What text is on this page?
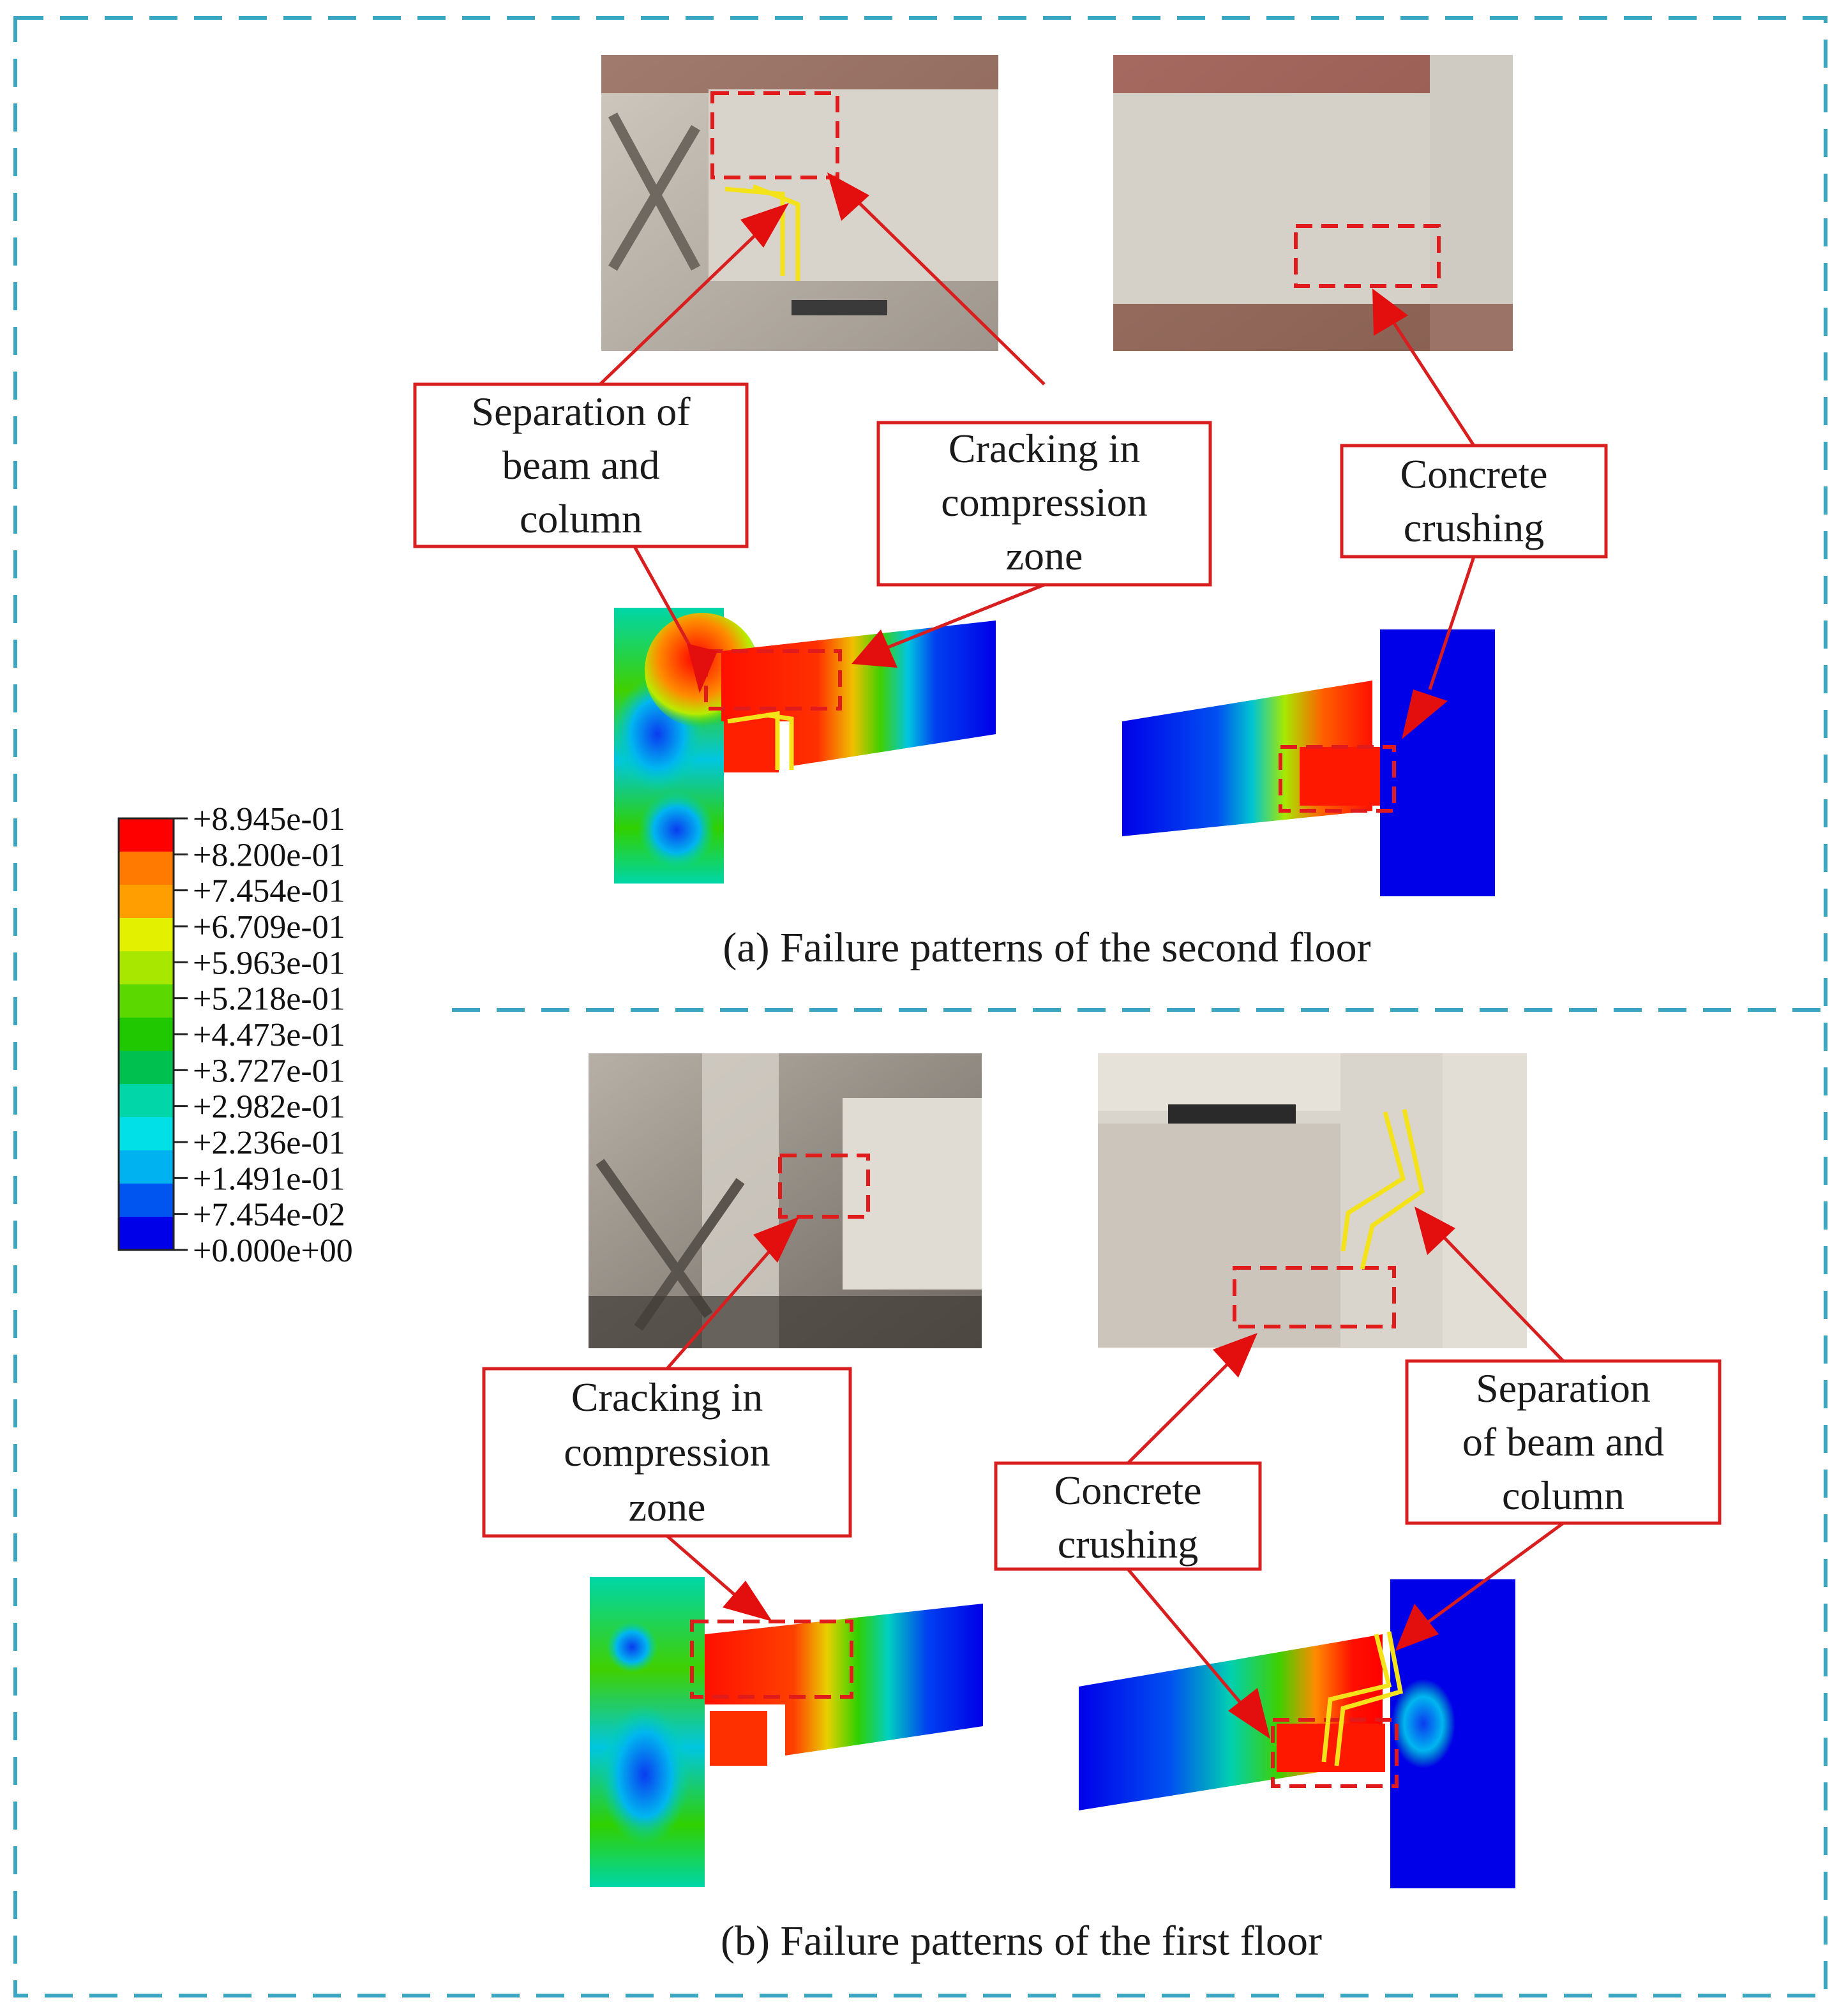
Separation of
beam and
column
Cracking in
compression
zone
Concrete
crushing
(a) Failure patterns of the second floor
+8.945e-01
+8.200e-01
+7.454e-01
+6.709e-01
+5.963e-01
+5.218e-01
+4.473e-01
+3.727e-01
+2.982e-01
+2.236e-01
+1.491e-01
+7.454e-02
+0.000e+00
Cracking in
compression
zone	Concrete
crushing
Separation
of beam and
column
(b) Failure patterns of the first floor
